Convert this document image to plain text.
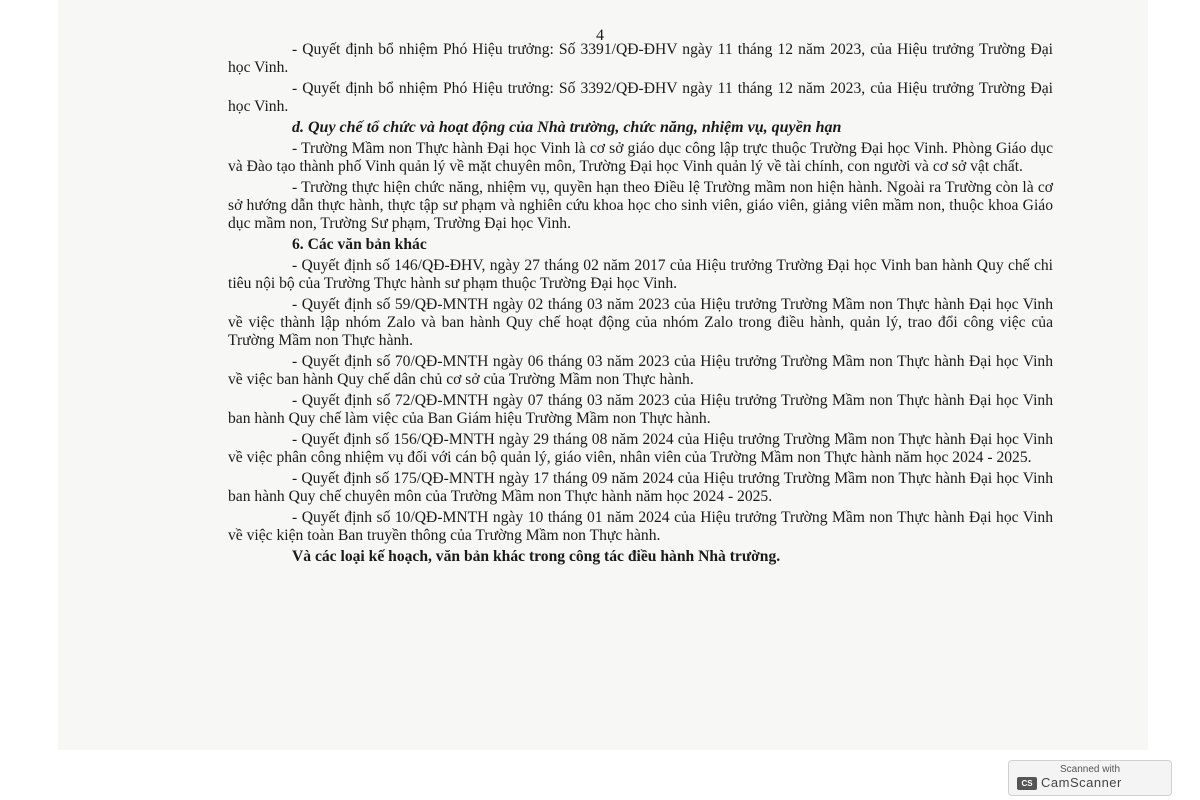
4

- Quyết định bổ nhiệm Phó Hiệu trưởng: Số 3391/QĐ-ĐHV ngày 11 tháng 12 năm 2023, của Hiệu trưởng Trường Đại học Vinh.

- Quyết định bổ nhiệm Phó Hiệu trưởng: Số 3392/QĐ-ĐHV ngày 11 tháng 12 năm 2023, của Hiệu trưởng Trường Đại học Vinh.

d. Quy chế tổ chức và hoạt động của Nhà trường, chức năng, nhiệm vụ, quyền hạn

- Trường Mầm non Thực hành Đại học Vinh là cơ sở giáo dục công lập trực thuộc Trường Đại học Vinh. Phòng Giáo dục và Đào tạo thành phố Vinh quản lý về mặt chuyên môn, Trường Đại học Vinh quản lý về tài chính, con người và cơ sở vật chất.

- Trường thực hiện chức năng, nhiệm vụ, quyền hạn theo Điều lệ Trường mầm non hiện hành. Ngoài ra Trường còn là cơ sở hướng dẫn thực hành, thực tập sư phạm và nghiên cứu khoa học cho sinh viên, giáo viên, giảng viên mầm non, thuộc khoa Giáo dục mầm non, Trường Sư phạm, Trường Đại học Vinh.

6. Các văn bản khác

- Quyết định số 146/QĐ-ĐHV, ngày 27 tháng 02 năm 2017 của Hiệu trưởng Trường Đại học Vinh ban hành Quy chế chi tiêu nội bộ của Trường Thực hành sư phạm thuộc Trường Đại học Vinh.

- Quyết định số 59/QĐ-MNTH ngày 02 tháng 03 năm 2023 của Hiệu trưởng Trường Mầm non Thực hành Đại học Vinh về việc thành lập nhóm Zalo và ban hành Quy chế hoạt động của nhóm Zalo trong điều hành, quản lý, trao đổi công việc của Trường Mầm non Thực hành.

- Quyết định số 70/QĐ-MNTH ngày 06 tháng 03 năm 2023 của Hiệu trưởng Trường Mầm non Thực hành Đại học Vinh về việc ban hành Quy chế dân chủ cơ sở của Trường Mầm non Thực hành.

- Quyết định số 72/QĐ-MNTH ngày 07 tháng 03 năm 2023 của Hiệu trưởng Trường Mầm non Thực hành Đại học Vinh ban hành Quy chế làm việc của Ban Giám hiệu Trường Mầm non Thực hành.

- Quyết định số 156/QĐ-MNTH ngày 29 tháng 08 năm 2024 của Hiệu trưởng Trường Mầm non Thực hành Đại học Vinh về việc phân công nhiệm vụ đối với cán bộ quản lý, giáo viên, nhân viên của Trường Mầm non Thực hành năm học 2024 - 2025.

- Quyết định số 175/QĐ-MNTH ngày 17 tháng 09 năm 2024 của Hiệu trưởng Trường Mầm non Thực hành Đại học Vinh ban hành Quy chế chuyên môn của Trường Mầm non Thực hành năm học 2024 - 2025.

- Quyết định số 10/QĐ-MNTH ngày 10 tháng 01 năm 2024 của Hiệu trưởng Trường Mầm non Thực hành Đại học Vinh về việc kiện toàn Ban truyền thông của Trường Mầm non Thực hành.

Và các loại kế hoạch, văn bản khác trong công tác điều hành Nhà trường.

Scanned with
CS CamScanner
